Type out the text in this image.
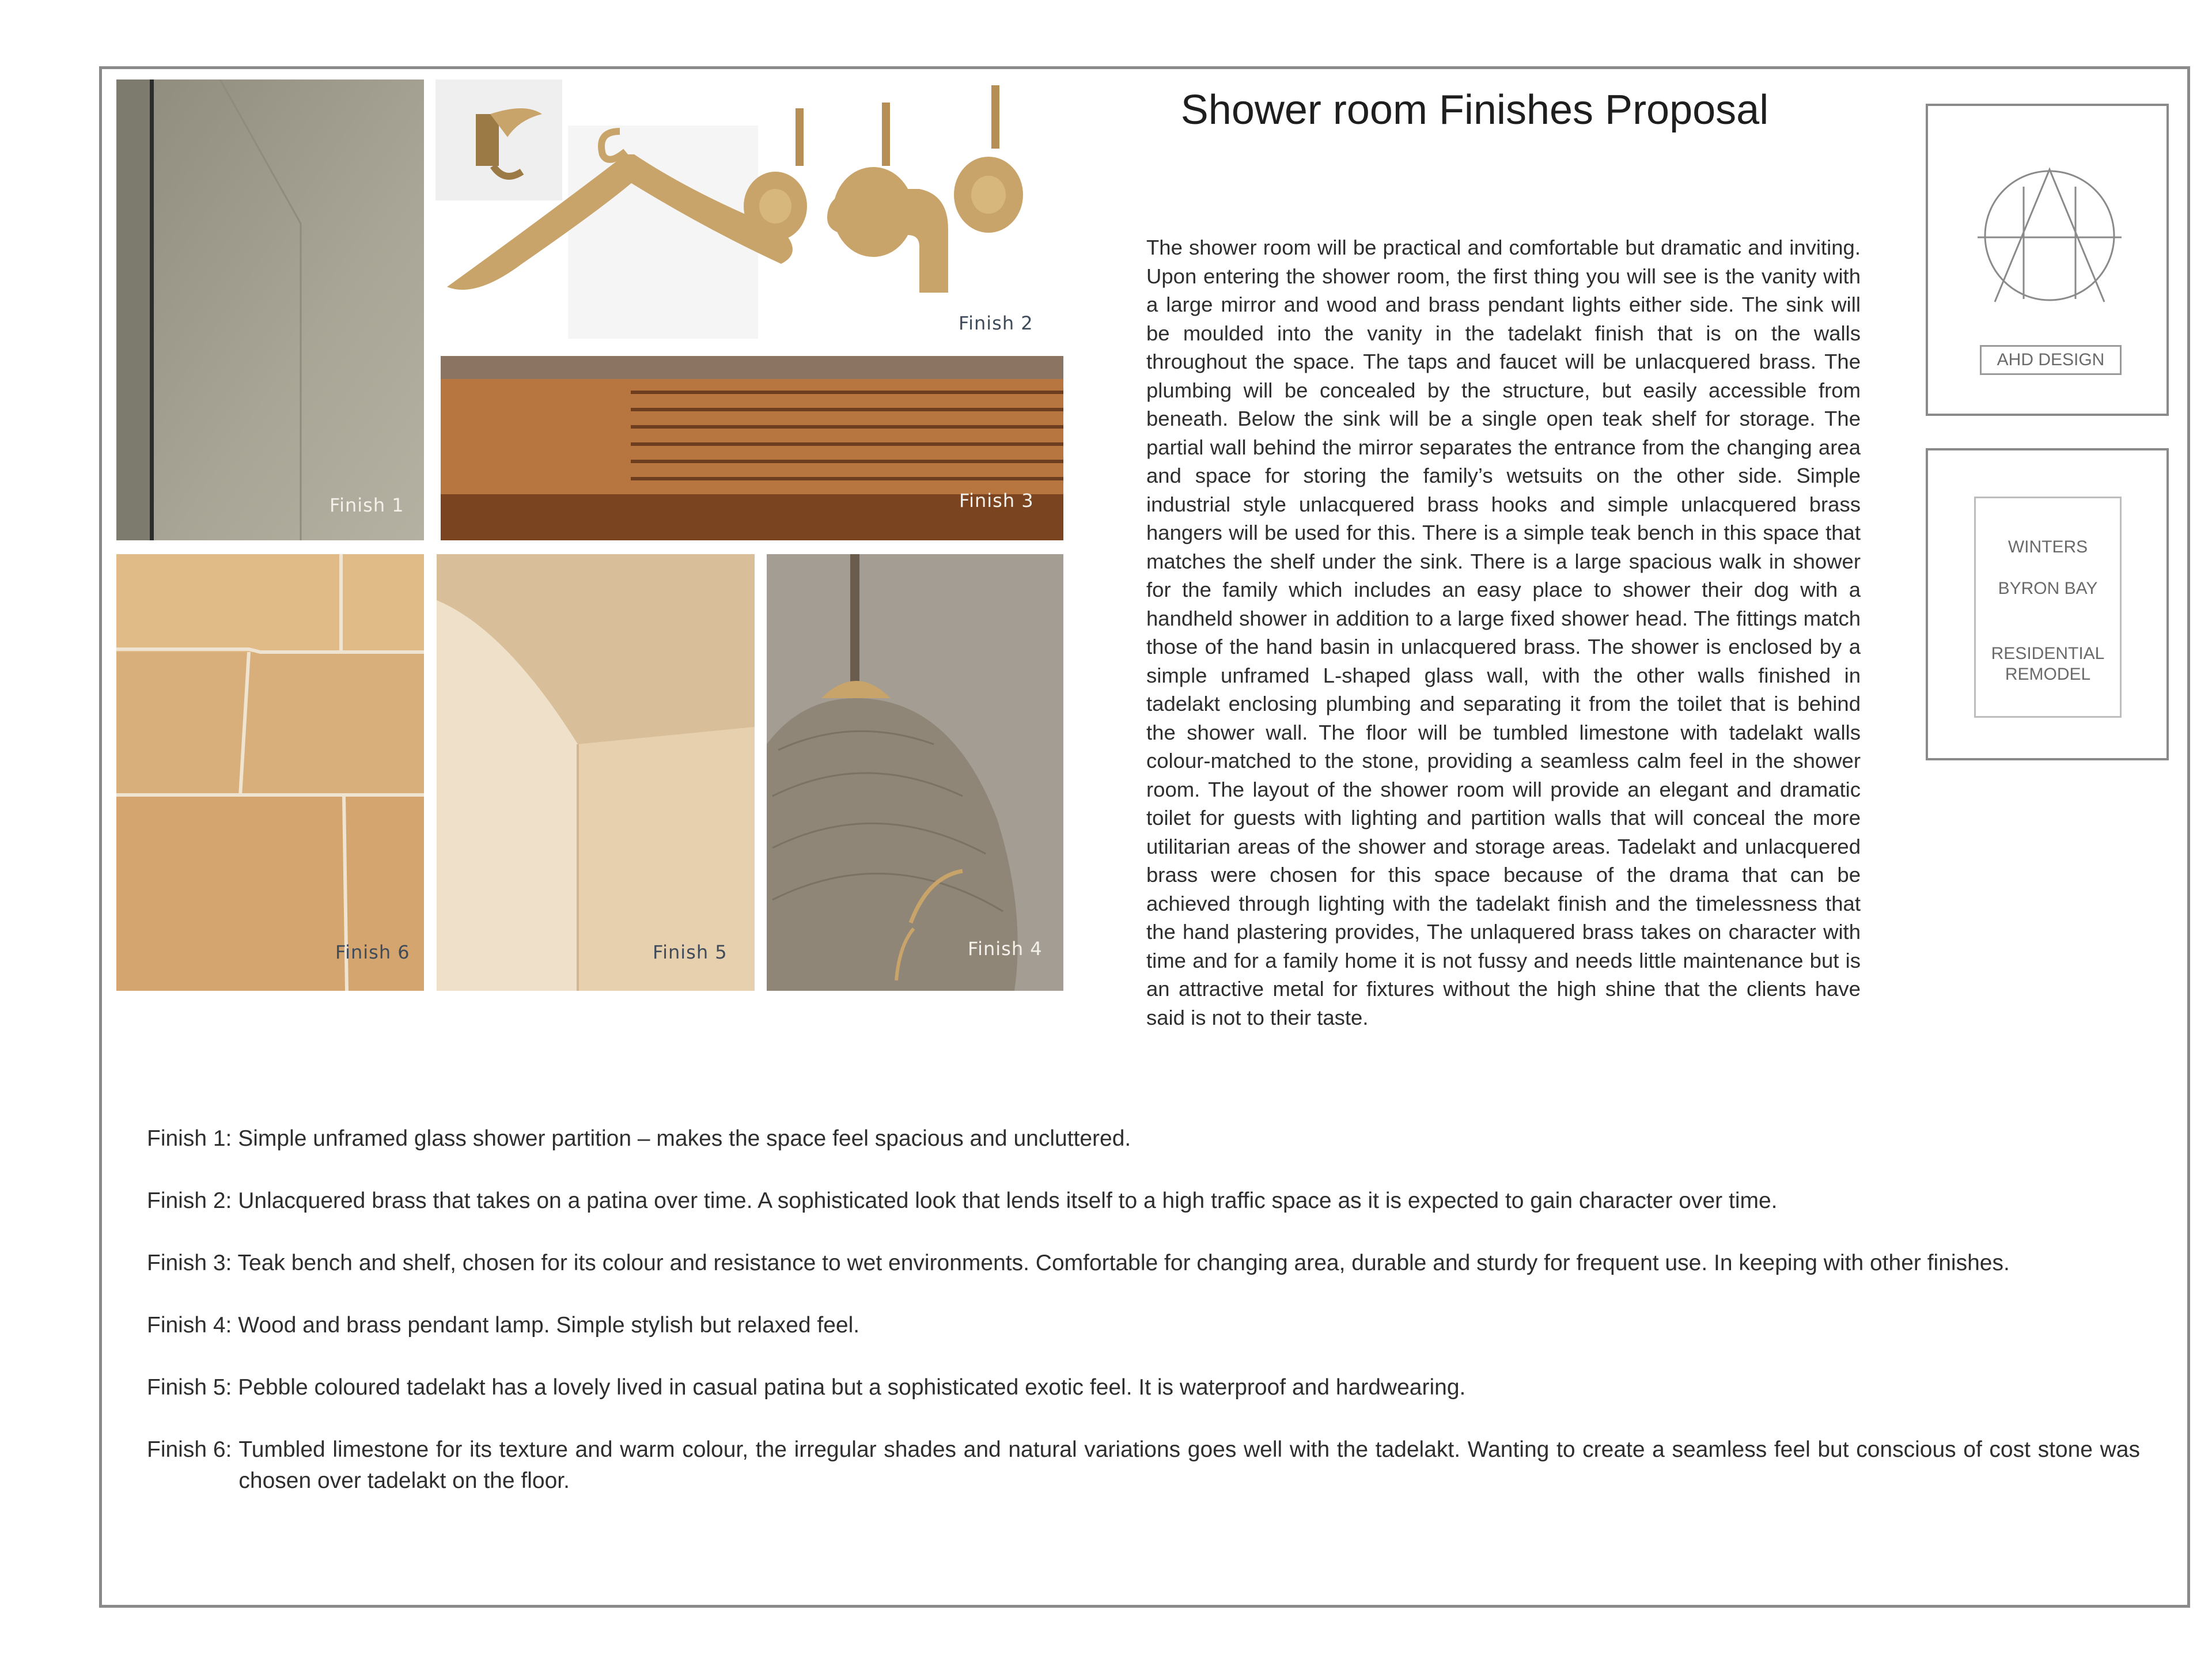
Finish 1
Finish 2
Finish 3
Finish 6	Finish 5	Finish 4
Shower room Finishes Proposal
The shower room will be practical and comfortable but dramatic and inviting. Upon entering the shower room, the first thing you will see is the vanity with a large mirror and wood and brass pendant lights either side. The sink will be moulded into the vanity in the tadelakt finish that is on the walls throughout the space. The taps and faucet will be unlacquered brass. The plumbing will be concealed by the structure, but easily accessible from beneath. Below the sink will be a single open teak shelf for storage. The partial wall behind the mirror separates the entrance from the changing area and space for storing the family’s wetsuits on the other side. Simple industrial style unlacquered brass hooks and simple unlacquered brass hangers will be used for this. There is a simple teak bench in this space that matches the shelf under the sink. There is a large spacious walk in shower for the family which includes an easy place to shower their dog with a handheld shower in addition to a large fixed shower head. The fittings match those of the hand basin in unlacquered brass. The shower is enclosed by a simple unframed L-shaped glass wall, with the other walls finished in tadelakt enclosing plumbing and separating it from the toilet that is behind the shower wall. The floor will be tumbled limestone with tadelakt walls colour-matched to the stone, providing a seamless calm feel in the shower room. The layout of the shower room will provide an elegant and dramatic toilet for guests with lighting and partition walls that will conceal the more utilitarian areas of the shower and storage areas. Tadelakt and unlacquered brass were chosen for this space because of the drama that can be achieved through lighting with the tadelakt finish and the timelessness that the hand plastering provides, The unlaquered brass takes on character with time and for a family home it is not fussy and needs little maintenance but is an attractive metal for fixtures without the high shine that the clients have said is not to their taste.
AHD DESIGN
WINTERS
BYRON BAY
RESIDENTIAL REMODEL
Finish 1: Simple unframed glass shower partition – makes the space feel spacious and uncluttered.
Finish 2: Unlacquered brass that takes on a patina over time. A sophisticated look that lends itself to a high traffic space as it is expected to gain character over time.
Finish 3: Teak bench and shelf, chosen for its colour and resistance to wet environments. Comfortable for changing area, durable and sturdy for frequent use. In keeping with other finishes.
Finish 4: Wood and brass pendant lamp. Simple stylish but relaxed feel.
Finish 5: Pebble coloured tadelakt has a lovely lived in casual patina but a sophisticated exotic feel. It is waterproof and hardwearing.
Finish 6: Tumbled limestone for its texture and warm colour, the irregular shades and natural variations goes well with the tadelakt. Wanting to create a seamless feel but conscious of cost stone was chosen over tadelakt on the floor.
